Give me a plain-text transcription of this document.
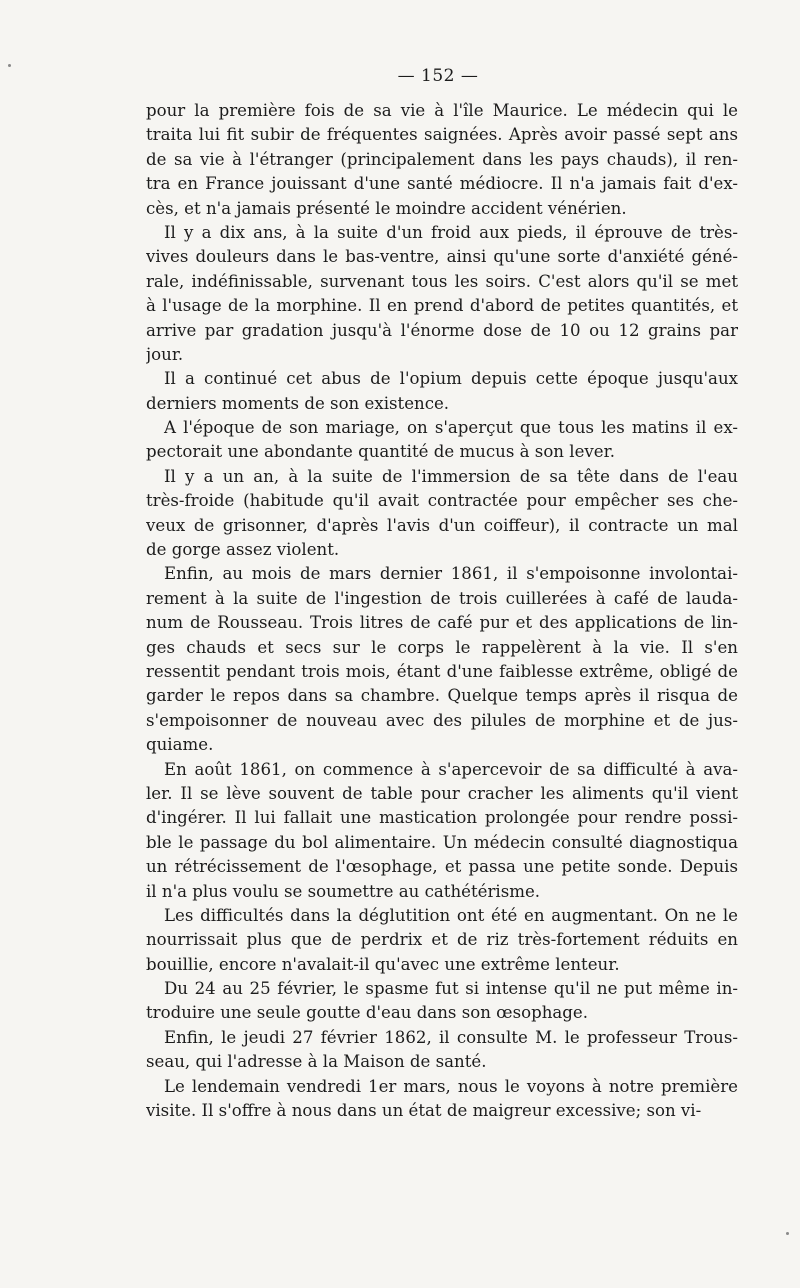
— 152 —

pour la première fois de sa vie à l'île Maurice. Le médecin qui le
traita lui fit subir de fréquentes saignées. Après avoir passé sept ans
de sa vie à l'étranger (principalement dans les pays chauds), il ren-
tra en France jouissant d'une santé médiocre. Il n'a jamais fait d'ex-
cès, et n'a jamais présenté le moindre accident vénérien.

Il y a dix ans, à la suite d'un froid aux pieds, il éprouve de très-
vives douleurs dans le bas-ventre, ainsi qu'une sorte d'anxiété géné-
rale, indéfinissable, survenant tous les soirs. C'est alors qu'il se met
à l'usage de la morphine. Il en prend d'abord de petites quantités, et
arrive par gradation jusqu'à l'énorme dose de 10 ou 12 grains par
jour.

Il a continué cet abus de l'opium depuis cette époque jusqu'aux
derniers moments de son existence.

A l'époque de son mariage, on s'aperçut que tous les matins il ex-
pectorait une abondante quantité de mucus à son lever.

Il y a un an, à la suite de l'immersion de sa tête dans de l'eau
très-froide (habitude qu'il avait contractée pour empêcher ses che-
veux de grisonner, d'après l'avis d'un coiffeur), il contracte un mal
de gorge assez violent.

Enfin, au mois de mars dernier 1861, il s'empoisonne involontai-
rement à la suite de l'ingestion de trois cuillerées à café de lauda-
num de Rousseau. Trois litres de café pur et des applications de lin-
ges chauds et secs sur le corps le rappelèrent à la vie. Il s'en
ressentit pendant trois mois, étant d'une faiblesse extrême, obligé de
garder le repos dans sa chambre. Quelque temps après il risqua de
s'empoisonner de nouveau avec des pilules de morphine et de jus-
quiame.

En août 1861, on commence à s'apercevoir de sa difficulté à ava-
ler. Il se lève souvent de table pour cracher les aliments qu'il vient
d'ingérer. Il lui fallait une mastication prolongée pour rendre possi-
ble le passage du bol alimentaire. Un médecin consulté diagnostiqua
un rétrécissement de l'œsophage, et passa une petite sonde. Depuis
il n'a plus voulu se soumettre au cathétérisme.

Les difficultés dans la déglutition ont été en augmentant. On ne le
nourrissait plus que de perdrix et de riz très-fortement réduits en
bouillie, encore n'avalait-il qu'avec une extrême lenteur.

Du 24 au 25 février, le spasme fut si intense qu'il ne put même in-
troduire une seule goutte d'eau dans son œsophage.

Enfin, le jeudi 27 février 1862, il consulte M. le professeur Trous-
seau, qui l'adresse à la Maison de santé.

Le lendemain vendredi 1er mars, nous le voyons à notre première
visite. Il s'offre à nous dans un état de maigreur excessive; son vi-
